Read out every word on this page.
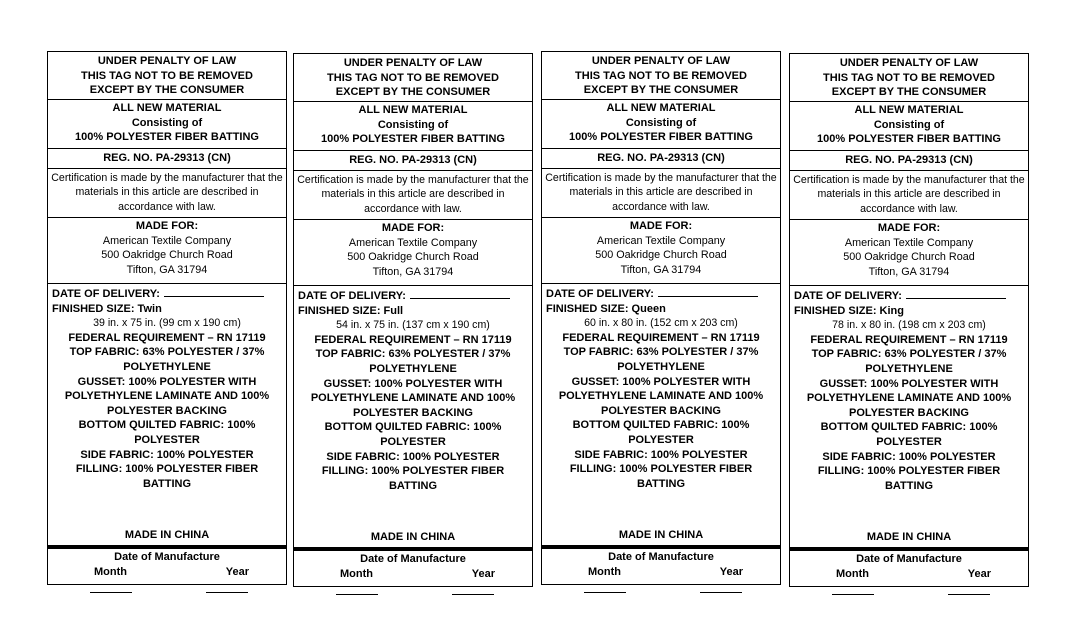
UNDER PENALTY OF LAW
THIS TAG NOT TO BE REMOVED
EXCEPT BY THE CONSUMER
ALL NEW MATERIAL
Consisting of
100% POLYESTER FIBER BATTING
REG. NO. PA-29313 (CN)
Certification is made by the manufacturer that the materials in this article are described in accordance with law.
MADE FOR:
American Textile Company
500 Oakridge Church Road
Tifton, GA 31794
DATE OF DELIVERY:
FINISHED SIZE: Twin
39 in. x 75 in. (99 cm x 190 cm)
FEDERAL REQUIREMENT – RN 17119
TOP FABRIC: 63% POLYESTER / 37%
POLYETHYLENE
GUSSET: 100% POLYESTER WITH
POLYETHYLENE LAMINATE AND 100%
POLYESTER BACKING
BOTTOM QUILTED FABRIC: 100%
POLYESTER
SIDE FABRIC: 100% POLYESTER
FILLING: 100% POLYESTER FIBER
BATTING
MADE IN CHINA
Date of Manufacture
Month	Year
UNDER PENALTY OF LAW
THIS TAG NOT TO BE REMOVED
EXCEPT BY THE CONSUMER
ALL NEW MATERIAL
Consisting of
100% POLYESTER FIBER BATTING
REG. NO. PA-29313 (CN)
Certification is made by the manufacturer that the materials in this article are described in accordance with law.
MADE FOR:
American Textile Company
500 Oakridge Church Road
Tifton, GA 31794
DATE OF DELIVERY:
FINISHED SIZE: Full
54 in. x 75 in. (137 cm x 190 cm)
FEDERAL REQUIREMENT – RN 17119
TOP FABRIC: 63% POLYESTER / 37%
POLYETHYLENE
GUSSET: 100% POLYESTER WITH
POLYETHYLENE LAMINATE AND 100%
POLYESTER BACKING
BOTTOM QUILTED FABRIC: 100%
POLYESTER
SIDE FABRIC: 100% POLYESTER
FILLING: 100% POLYESTER FIBER
BATTING
MADE IN CHINA
Date of Manufacture
Month	Year
UNDER PENALTY OF LAW
THIS TAG NOT TO BE REMOVED
EXCEPT BY THE CONSUMER
ALL NEW MATERIAL
Consisting of
100% POLYESTER FIBER BATTING
REG. NO. PA-29313 (CN)
Certification is made by the manufacturer that the materials in this article are described in accordance with law.
MADE FOR:
American Textile Company
500 Oakridge Church Road
Tifton, GA 31794
DATE OF DELIVERY:
FINISHED SIZE: Queen
60 in. x 80 in. (152 cm x 203 cm)
FEDERAL REQUIREMENT – RN 17119
TOP FABRIC: 63% POLYESTER / 37%
POLYETHYLENE
GUSSET: 100% POLYESTER WITH
POLYETHYLENE LAMINATE AND 100%
POLYESTER BACKING
BOTTOM QUILTED FABRIC: 100%
POLYESTER
SIDE FABRIC: 100% POLYESTER
FILLING: 100% POLYESTER FIBER
BATTING
MADE IN CHINA
Date of Manufacture
Month	Year
UNDER PENALTY OF LAW
THIS TAG NOT TO BE REMOVED
EXCEPT BY THE CONSUMER
ALL NEW MATERIAL
Consisting of
100% POLYESTER FIBER BATTING
REG. NO. PA-29313 (CN)
Certification is made by the manufacturer that the materials in this article are described in accordance with law.
MADE FOR:
American Textile Company
500 Oakridge Church Road
Tifton, GA 31794
DATE OF DELIVERY:
FINISHED SIZE: King
78 in. x 80 in. (198 cm x 203 cm)
FEDERAL REQUIREMENT – RN 17119
TOP FABRIC: 63% POLYESTER / 37%
POLYETHYLENE
GUSSET: 100% POLYESTER WITH
POLYETHYLENE LAMINATE AND 100%
POLYESTER BACKING
BOTTOM QUILTED FABRIC: 100%
POLYESTER
SIDE FABRIC: 100% POLYESTER
FILLING: 100% POLYESTER FIBER
BATTING
MADE IN CHINA
Date of Manufacture
Month	Year
